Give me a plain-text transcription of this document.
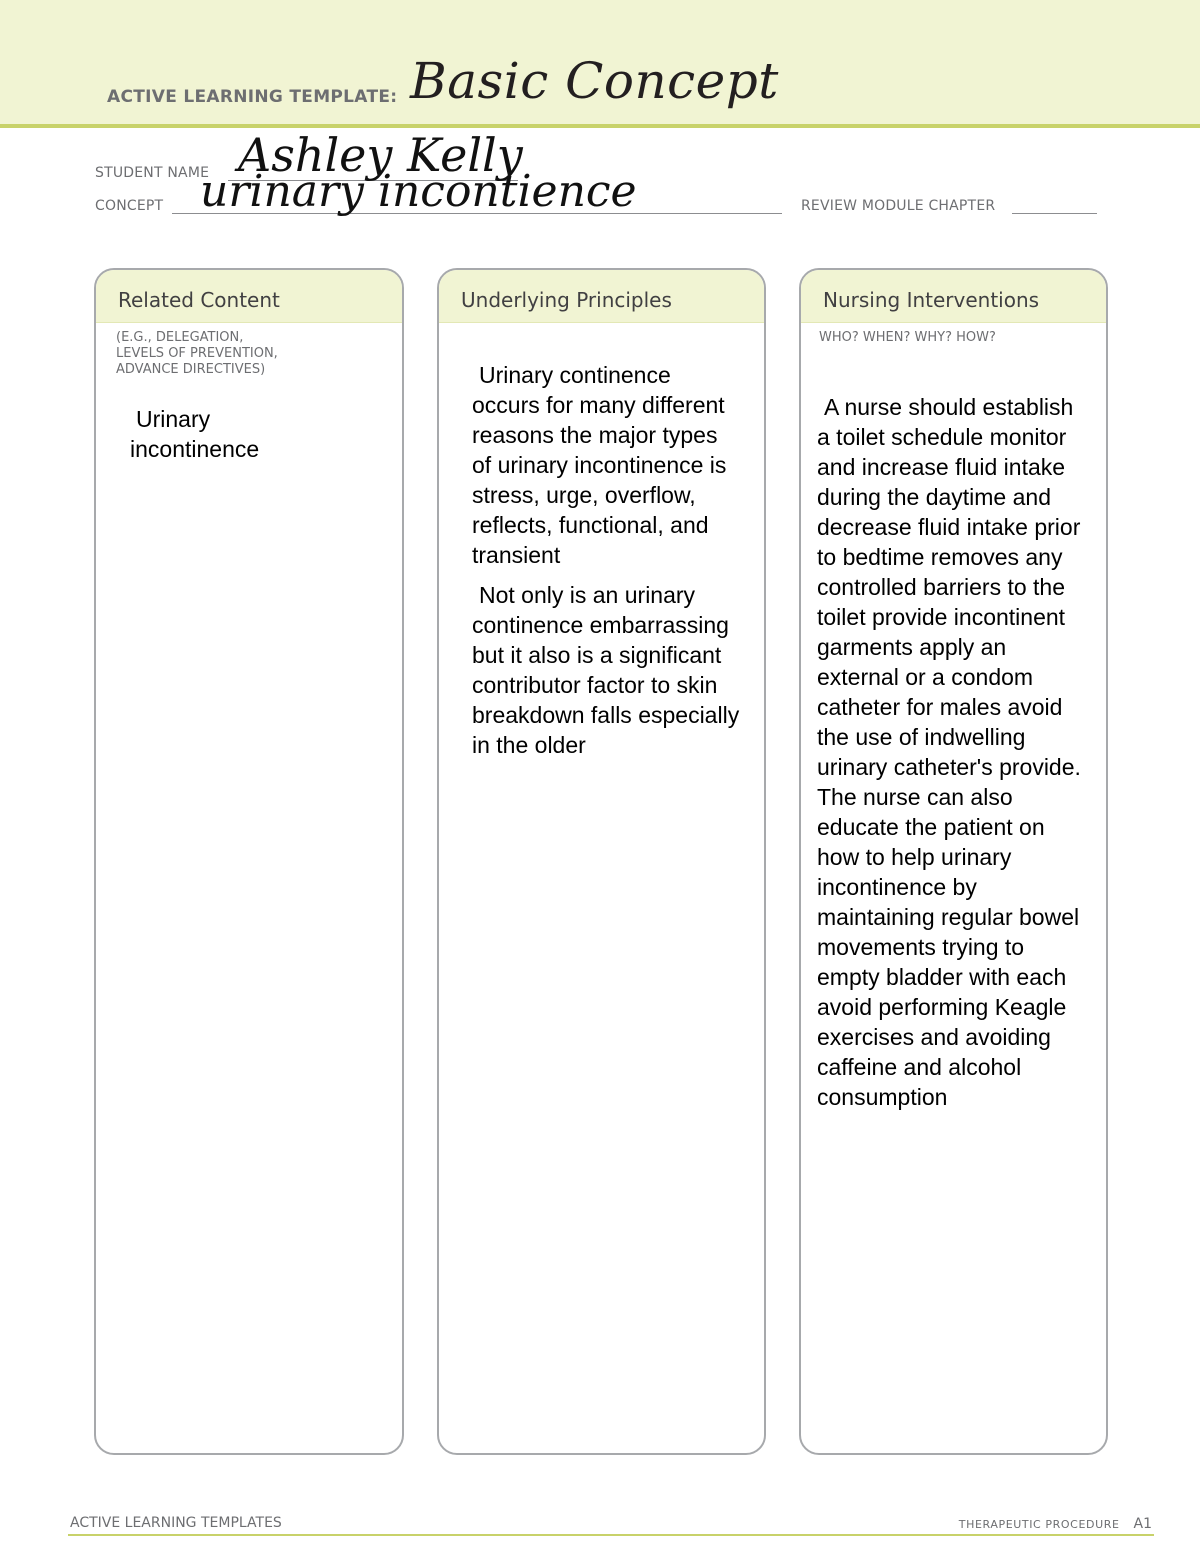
ACTIVE LEARNING TEMPLATE: Basic Concept
STUDENT NAME Ashley Kelly
CONCEPT urinary incontience	REVIEW MODULE CHAPTER
Related Content
(E.G., DELEGATION,
LEVELS OF PREVENTION,
ADVANCE DIRECTIVES)

Urinary
incontinence

Underlying Principles

Urinary continence occurs for many different reasons the major types of urinary incontinence is stress, urge, overflow, reflects, functional, and transient

Not only is an urinary continence embarrassing but it also is a significant contributor factor to skin breakdown falls especially in the older

Nursing Interventions
WHO? WHEN? WHY? HOW?

A nurse should establish a toilet schedule monitor and increase fluid intake during the daytime and decrease fluid intake prior to bedtime removes any controlled barriers to the toilet provide incontinent garments apply an external or a condom catheter for males avoid the use of indwelling urinary catheter's provide. The nurse can also educate the patient on how to help urinary incontinence by maintaining regular bowel movements trying to empty bladder with each avoid performing Keagle exercises and avoiding caffeine and alcohol consumption

ACTIVE LEARNING TEMPLATES	THERAPEUTIC PROCEDURE A1
